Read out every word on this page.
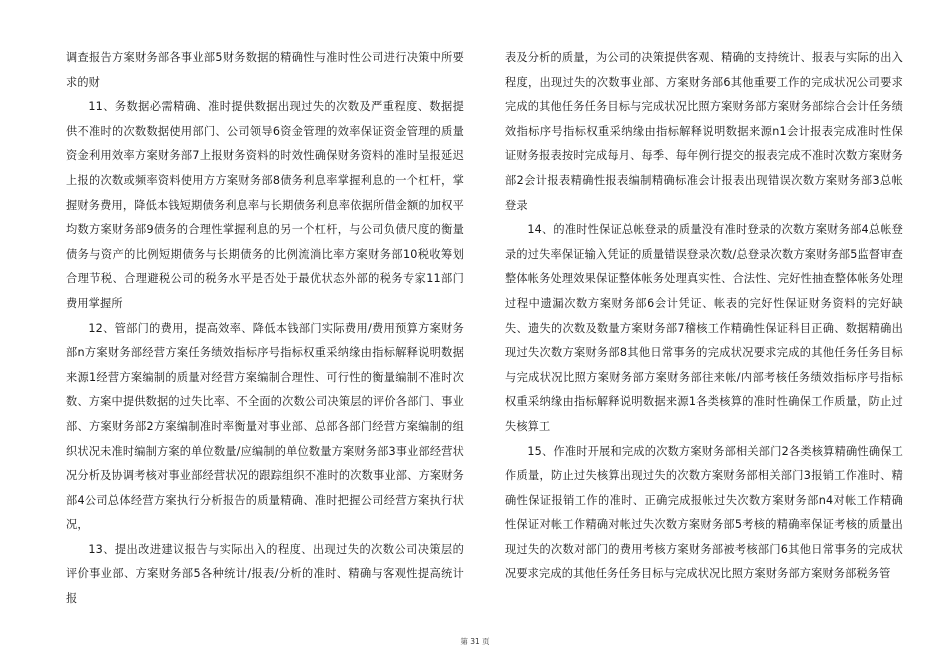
调查报告方案财务部各事业部5财务数据的精确性与准时性公司进行决策中所要求的财

11、务数据必需精确、准时提供数据出现过失的次数及严重程度、数据提供不准时的次数数据使用部门、公司领导6资金管理的效率保证资金管理的质量资金利用效率方案财务部7上报财务资料的时效性确保财务资料的准时呈报延迟上报的次数或频率资料使用方方案财务部8债务利息率掌握利息的一个杠杆，掌握财务费用，降低本钱短期债务利息率与长期债务利息率依据所借金额的加权平均数方案财务部9债务的合理性掌握利息的另一个杠杆，与公司负债尺度的衡量债务与资产的比例短期债务与长期债务的比例流淌比率方案财务部10税收筹划合理节税、合理避税公司的税务水平是否处于最优状态外部的税务专家11部门费用掌握所

12、管部门的费用，提高效率、降低本钱部门实际费用/费用预算方案财务部n方案财务部经营方案任务绩效指标序号指标权重采纳缘由指标解释说明数据来源1经营方案编制的质量对经营方案编制合理性、可行性的衡量编制不准时次数、方案中提供数据的过失比率、不全面的次数公司决策层的评价各部门、事业部、方案财务部2方案编制准时率衡量对事业部、总部各部门经营方案编制的组织状况未准时编制方案的单位数量/应编制的单位数量方案财务部3事业部经营状况分析及协调考核对事业部经营状况的跟踪组织不准时的次数事业部、方案财务部4公司总体经营方案执行分析报告的质量精确、准时把握公司经营方案执行状况，

13、提出改进建议报告与实际出入的程度、出现过失的次数公司决策层的评价事业部、方案财务部5各种统计/报表/分析的准时、精确与客观性提高统计报

表及分析的质量，为公司的决策提供客观、精确的支持统计、报表与实际的出入程度，出现过失的次数事业部、方案财务部6其他重要工作的完成状况公司要求完成的其他任务任务目标与完成状况比照方案财务部方案财务部综合会计任务绩效指标序号指标权重采纳缘由指标解释说明数据来源n1会计报表完成准时性保证财务报表按时完成每月、每季、每年例行提交的报表完成不准时次数方案财务部2会计报表精确性报表编制精确标准会计报表出现错误次数方案财务部3总帐登录

14、的准时性保证总帐登录的质量没有准时登录的次数方案财务部4总帐登录的过失率保证输入凭证的质量错误登录次数/总登录次数方案财务部5监督审查整体帐务处理效果保证整体帐务处理真实性、合法性、完好性抽查整体帐务处理过程中遗漏次数方案财务部6会计凭证、帐表的完好性保证财务资料的完好缺失、遗失的次数及数量方案财务部7稽核工作精确性保证科目正确、数据精确出现过失次数方案财务部8其他日常事务的完成状况要求完成的其他任务任务目标与完成状况比照方案财务部方案财务部往来帐/内部考核任务绩效指标序号指标权重采纳缘由指标解释说明数据来源1各类核算的准时性确保工作质量，防止过失核算工

15、作准时开展和完成的次数方案财务部相关部门2各类核算精确性确保工作质量，防止过失核算出现过失的次数方案财务部相关部门3报销工作准时、精确性保证报销工作的准时、正确完成报帐过失次数方案财务部n4对帐工作精确性保证对帐工作精确对帐过失次数方案财务部5考核的精确率保证考核的质量出现过失的次数对部门的费用考核方案财务部被考核部门6其他日常事务的完成状况要求完成的其他任务任务目标与完成状况比照方案财务部方案财务部税务管

第 31 页
